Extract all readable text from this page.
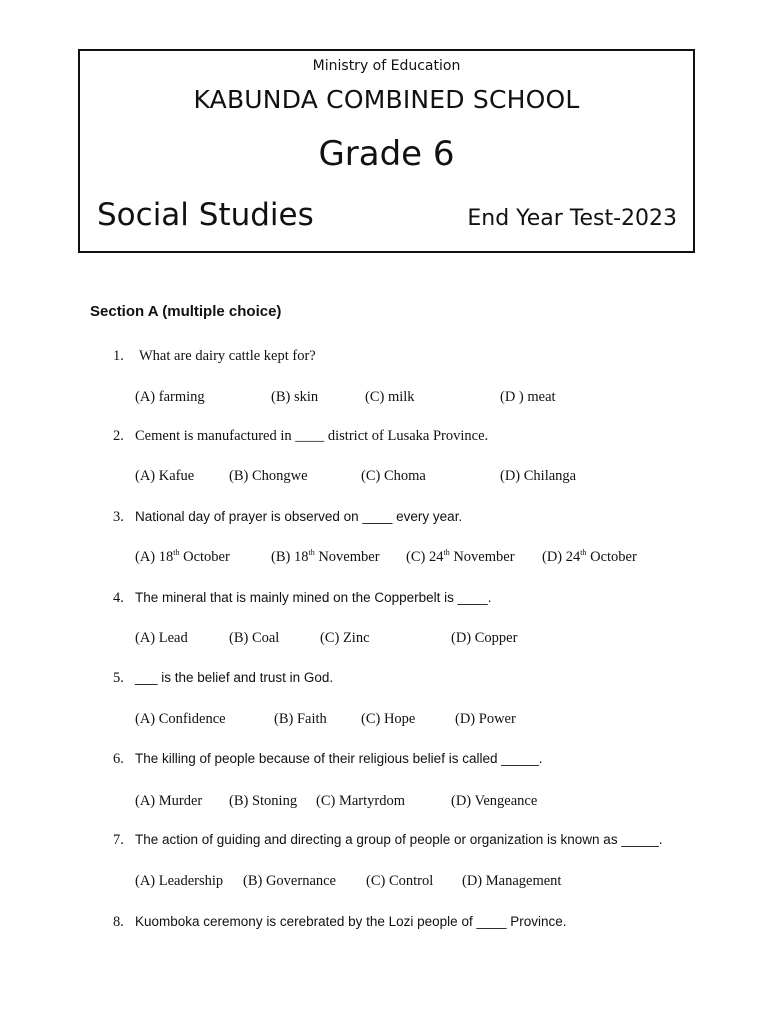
Ministry of Education
KABUNDA COMBINED SCHOOL
Grade 6
Social Studies	End Year Test-2023
Section A (multiple choice)
1. What are dairy cattle kept for?
(A) farming	(B) skin	(C) milk	(D ) meat
2. Cement is manufactured in ____ district of Lusaka Province.
(A) Kafue (B) Chongwe	(C) Choma	(D) Chilanga
3. National day of prayer is observed on ____ every year.
(A) 18th October	(B) 18th November (C) 24th November (D) 24th October
4. The mineral that is mainly mined on the Copperbelt is ____.
(A) Lead	(B) Coal	(C) Zinc	(D) Copper
5. ___ is the belief and trust in God.
(A) Confidence	(B) Faith (C) Hope	(D) Power
6. The killing of people because of their religious belief is called _____.
(A) Murder (B) Stoning (C) Martyrdom	(D) Vengeance
7. The action of guiding and directing a group of people or organization is known as _____.
(A) Leadership (B) Governance (C) Control (D) Management
8. Kuomboka ceremony is cerebrated by the Lozi people of ____ Province.
